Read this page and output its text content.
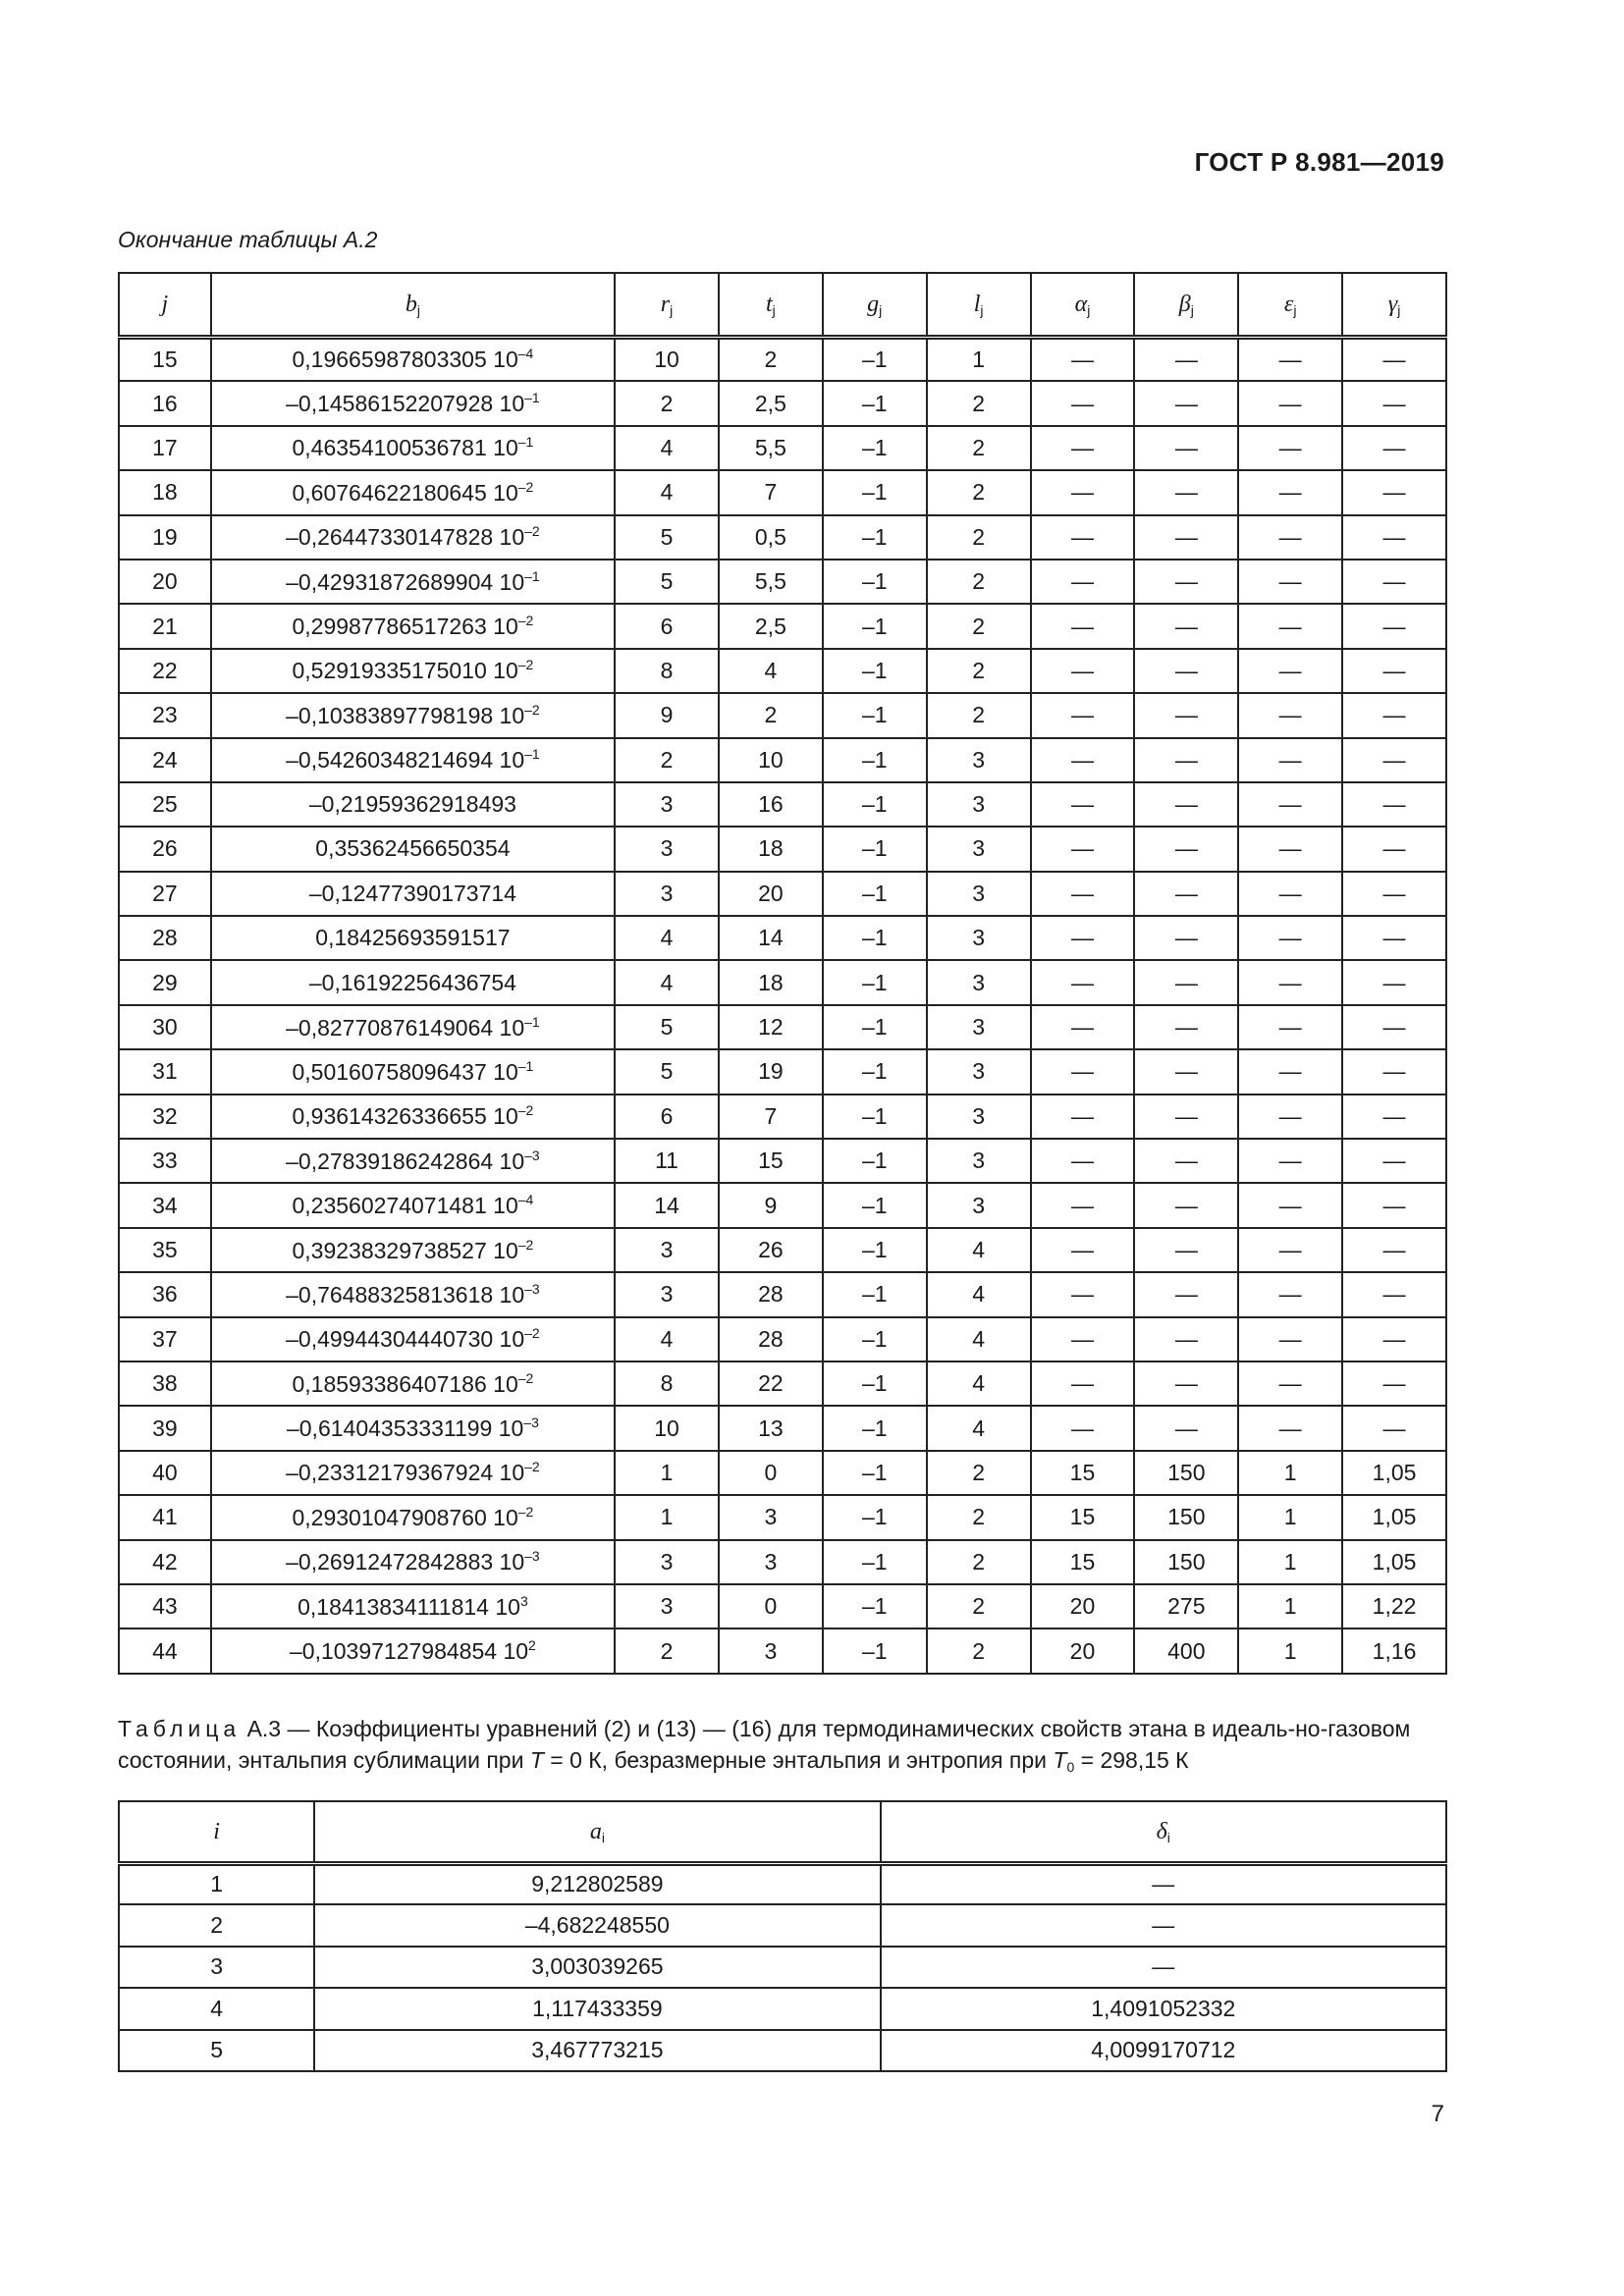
ГОСТ Р 8.981—2019
Окончание таблицы А.2
j	$b_j$	$r_j$	$t_j$	$g_j$	$l_j$	$\alpha_j$	$\beta_j$	$\varepsilon_j$	$\gamma_j$
15	0,19665987803305 $10^{-4}$	10	2	–1	1	—	—	—	—
16	–0,14586152207928 $10^{-1}$	2	2,5	–1	2	—	—	—	—
17	0,46354100536781 $10^{-1}$	4	5,5	–1	2	—	—	—	—
18	0,60764622180645 $10^{-2}$	4	7	–1	2	—	—	—	—
19	–0,26447330147828 $10^{-2}$	5	0,5	–1	2	—	—	—	—
20	–0,42931872689904 $10^{-1}$	5	5,5	–1	2	—	—	—	—
21	0,29987786517263 $10^{-2}$	6	2,5	–1	2	—	—	—	—
22	0,52919335175010 $10^{-2}$	8	4	–1	2	—	—	—	—
23	–0,10383897798198 $10^{-2}$	9	2	–1	2	—	—	—	—
24	–0,54260348214694 $10^{-1}$	2	10	–1	3	—	—	—	—
25	–0,21959362918493	3	16	–1	3	—	—	—	—
26	0,35362456650354	3	18	–1	3	—	—	—	—
27	–0,12477390173714	3	20	–1	3	—	—	—	—
28	0,18425693591517	4	14	–1	3	—	—	—	—
29	–0,16192256436754	4	18	–1	3	—	—	—	—
30	–0,82770876149064 $10^{-1}$	5	12	–1	3	—	—	—	—
31	0,50160758096437 $10^{-1}$	5	19	–1	3	—	—	—	—
32	0,93614326336655 $10^{-2}$	6	7	–1	3	—	—	—	—
33	–0,27839186242864 $10^{-3}$	11	15	–1	3	—	—	—	—
34	0,23560274071481 $10^{-4}$	14	9	–1	3	—	—	—	—
35	0,39238329738527 $10^{-2}$	3	26	–1	4	—	—	—	—
36	–0,76488325813618 $10^{-3}$	3	28	–1	4	—	—	—	—
37	–0,49944304440730 $10^{-2}$	4	28	–1	4	—	—	—	—
38	0,18593386407186 $10^{-2}$	8	22	–1	4	—	—	—	—
39	–0,61404353331199 $10^{-3}$	10	13	–1	4	—	—	—	—
40	–0,23312179367924 $10^{-2}$	1	0	–1	2	15	150	1	1,05
41	0,29301047908760 $10^{-2}$	1	3	–1	2	15	150	1	1,05
42	–0,26912472842883 $10^{-3}$	3	3	–1	2	15	150	1	1,05
43	0,18413834111814 $10^3$	3	0	–1	2	20	275	1	1,22
44	–0,10397127984854 $10^2$	2	3	–1	2	20	400	1	1,16
Таблица А.3 — Коэффициенты уравнений (2) и (13) — (16) для термодинамических свойств этана в идеаль-но-газовом состоянии, энтальпия сублимации при T = 0 К, безразмерные энтальпия и энтропия при $T_0 = 298,15$ К
i	$a_i$	$\delta_i$
1	9,212802589	—
2	–4,682248550	—
3	3,003039265	—
4	1,117433359	1,4091052332
5	3,467773215	4,0099170712
7
